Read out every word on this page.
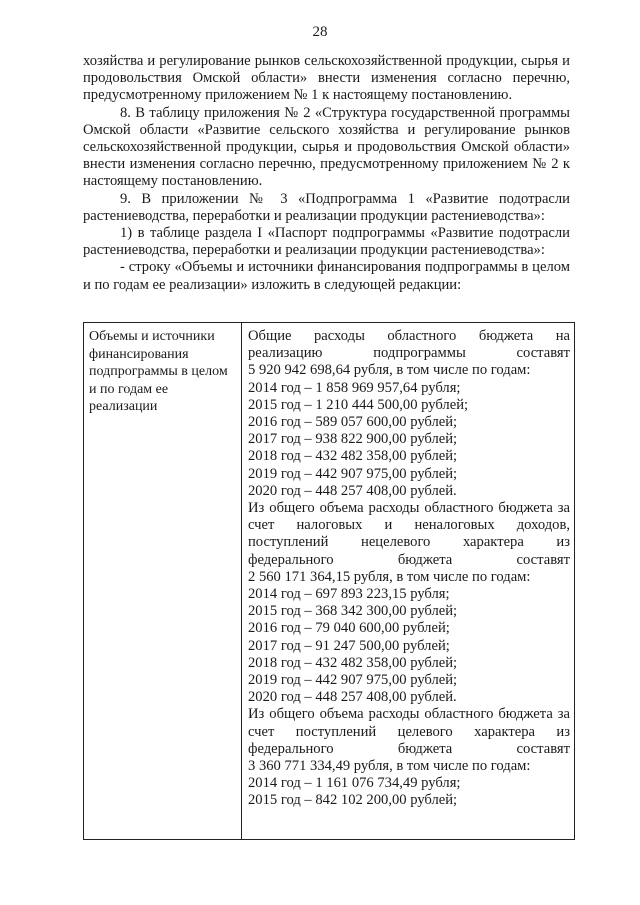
28

хозяйства и регулирование рынков сельскохозяйственной продукции, сырья и продовольствия Омской области» внести изменения согласно перечню, предусмотренному приложением № 1 к настоящему постановлению.

8. В таблицу приложения № 2 «Структура государственной программы Омской области «Развитие сельского хозяйства и регулирование рынков сельскохозяйственной продукции, сырья и продовольствия Омской области» внести изменения согласно перечню, предусмотренному приложением № 2 к настоящему постановлению.

9. В приложении № 3 «Подпрограмма 1 «Развитие подотрасли растениеводства, переработки и реализации продукции растениеводства»:

1) в таблице раздела I «Паспорт подпрограммы «Развитие подотрасли растениеводства, переработки и реализации продукции растениеводства»:

- строку «Объемы и источники финансирования подпрограммы в целом и по годам ее реализации» изложить в следующей редакции:

Объемы и источники финансирования подпрограммы в целом и по годам ее реализации
Общие расходы областного бюджета на реализацию подпрограммы составят
5 920 942 698,64 рубля, в том числе по годам:
2014 год – 1 858 969 957,64 рубля;
2015 год – 1 210 444 500,00 рублей;
2016 год – 589 057 600,00 рублей;
2017 год – 938 822 900,00 рублей;
2018 год – 432 482 358,00 рублей;
2019 год – 442 907 975,00 рублей;
2020 год – 448 257 408,00 рублей.
Из общего объема расходы областного бюджета за счет налоговых и неналоговых доходов, поступлений нецелевого характера из федерального бюджета составят
2 560 171 364,15 рубля, в том числе по годам:
2014 год – 697 893 223,15 рубля;
2015 год – 368 342 300,00 рублей;
2016 год – 79 040 600,00 рублей;
2017 год – 91 247 500,00 рублей;
2018 год – 432 482 358,00 рублей;
2019 год – 442 907 975,00 рублей;
2020 год – 448 257 408,00 рублей.
Из общего объема расходы областного бюджета за счет поступлений целевого характера из федерального бюджета составят
3 360 771 334,49 рубля, в том числе по годам:
2014 год – 1 161 076 734,49 рубля;
2015 год – 842 102 200,00 рублей;
